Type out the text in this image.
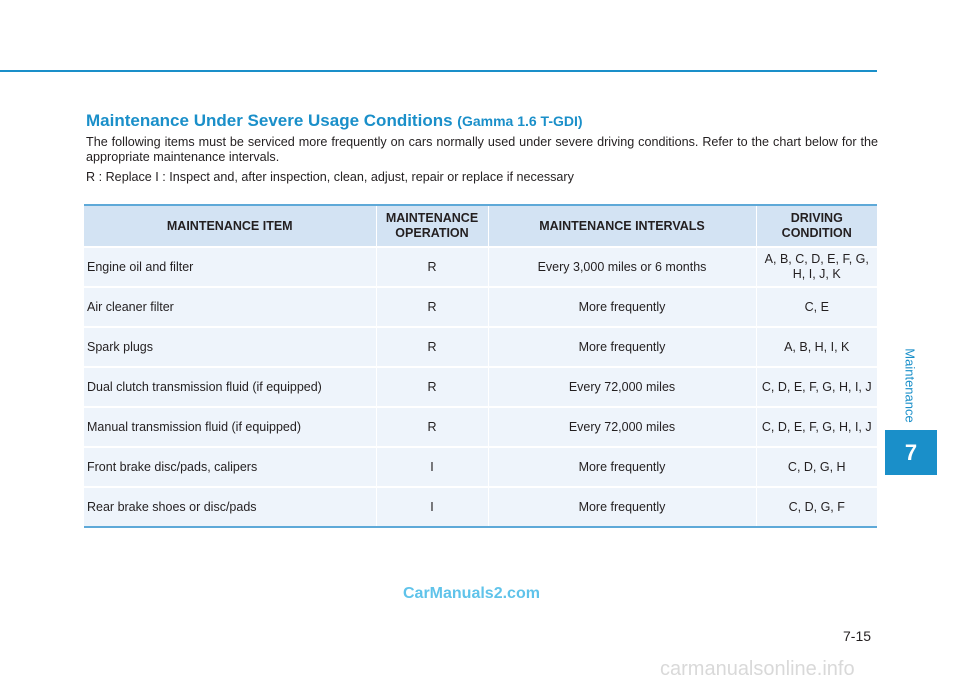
Maintenance Under Severe Usage Conditions (Gamma 1.6 T-GDI)
The following items must be serviced more frequently on cars normally used under severe driving conditions. Refer to the chart below for the appropriate maintenance intervals.
R : Replace I : Inspect and, after inspection, clean, adjust, repair or replace if necessary
MAINTENANCE ITEM	MAINTENANCE OPERATION	MAINTENANCE INTERVALS	DRIVING CONDITION
Engine oil and filter	R	Every 3,000 miles or 6 months	A, B, C, D, E, F, G, H, I, J, K
Air cleaner filter	R	More frequently	C, E
Spark plugs	R	More frequently	A, B, H, I, K
Dual clutch transmission fluid (if equipped)	R	Every 72,000 miles	C, D, E, F, G, H, I, J
Manual transmission fluid (if equipped)	R	Every 72,000 miles	C, D, E, F, G, H, I, J
Front brake disc/pads, calipers	I	More frequently	C, D, G, H
Rear brake shoes or disc/pads	I	More frequently	C, D, G, F
Maintenance
7
CarManuals2.com
7-15
carmanualsonline.info
